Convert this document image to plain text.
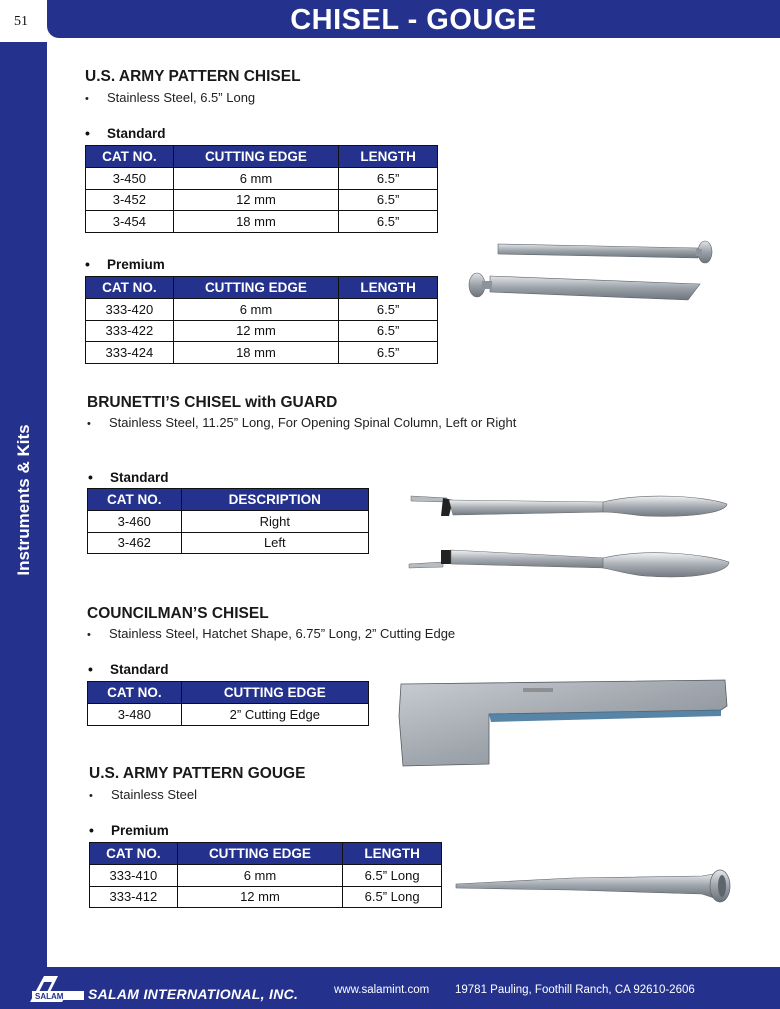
CHISEL - GOUGE
51
Instruments & Kits
U.S. ARMY PATTERN CHISEL
• Stainless Steel, 6.5” Long
• Standard
CAT NO.	CUTTING EDGE	LENGTH
3-450	6 mm	6.5”
3-452	12 mm	6.5”
3-454	18 mm	6.5”
• Premium
CAT NO.	CUTTING EDGE	LENGTH
333-420	6 mm	6.5”
333-422	12 mm	6.5”
333-424	18 mm	6.5”
BRUNETTI’S CHISEL with GUARD
• Stainless Steel, 11.25” Long, For Opening Spinal Column, Left or Right
• Standard
CAT NO.	DESCRIPTION
3-460	Right
3-462	Left
COUNCILMAN’S CHISEL
• Stainless Steel, Hatchet Shape, 6.75” Long, 2” Cutting Edge
• Standard
CAT NO.	CUTTING EDGE
3-480	2” Cutting Edge
U.S. ARMY PATTERN GOUGE
• Stainless Steel
• Premium
CAT NO.	CUTTING EDGE	LENGTH
333-410	6 mm	6.5” Long
333-412	12 mm	6.5” Long
SALAM SALAM INTERNATIONAL, INC.	www.salamint.com 19781 Pauling, Foothill Ranch, CA 92610-2606
